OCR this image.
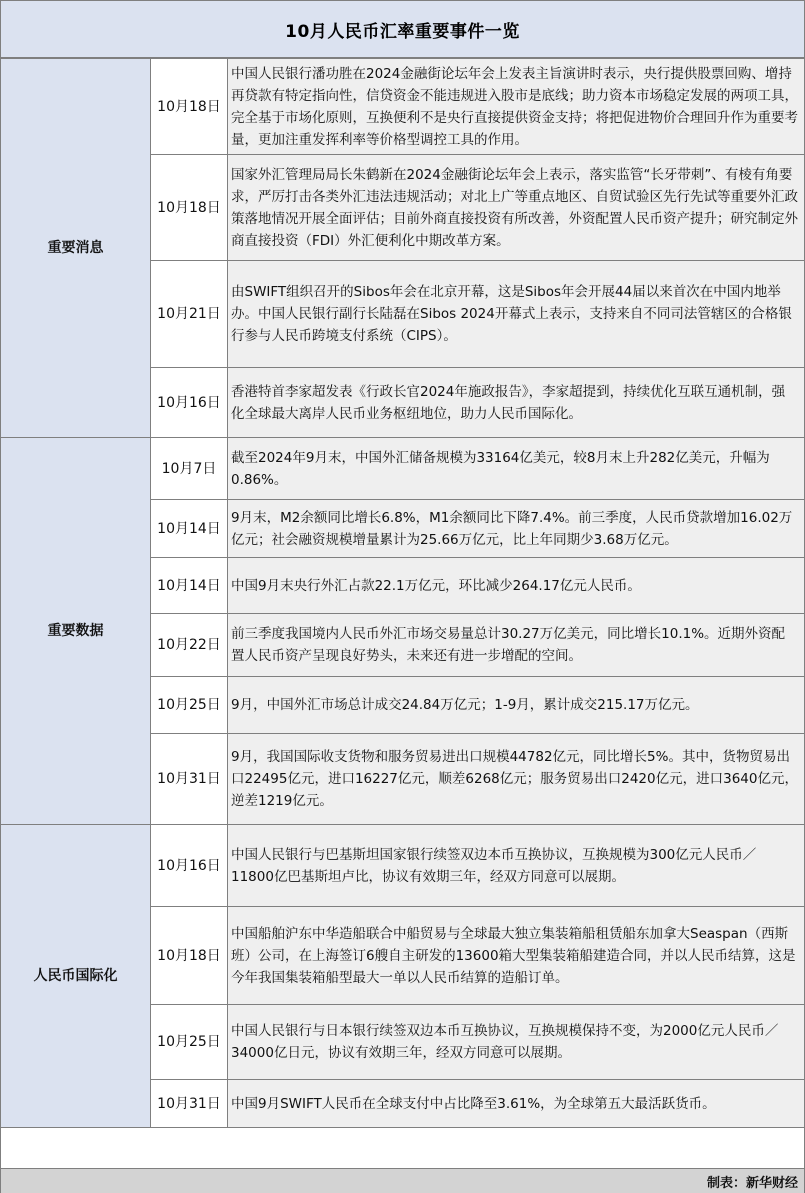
10月人民币汇率重要事件一览
重要消息	10月18日	中国人民银行潘功胜在2024金融街论坛年会上发表主旨演讲时表示，央行提供股票回购、增持再贷款有特定指向性，信贷资金不能违规进入股市是底线；助力资本市场稳定发展的两项工具，完全基于市场化原则，互换便利不是央行直接提供资金支持；将把促进物价合理回升作为重要考量，更加注重发挥利率等价格型调控工具的作用。
	10月18日	国家外汇管理局局长朱鹤新在2024金融街论坛年会上表示，落实监管“长牙带刺”、有棱有角要求，严厉打击各类外汇违法违规活动；对北上广等重点地区、自贸试验区先行先试等重要外汇政策落地情况开展全面评估；目前外商直接投资有所改善，外资配置人民币资产提升；研究制定外商直接投资（FDI）外汇便利化中期改革方案。
	10月21日	由SWIFT组织召开的Sibos年会在北京开幕，这是Sibos年会开展44届以来首次在中国内地举办。中国人民银行副行长陆磊在Sibos 2024开幕式上表示，支持来自不同司法管辖区的合格银行参与人民币跨境支付系统（CIPS）。
	10月16日	香港特首李家超发表《行政长官2024年施政报告》，李家超提到，持续优化互联互通机制，强化全球最大离岸人民币业务枢纽地位，助力人民币国际化。
重要数据	10月7日	截至2024年9月末，中国外汇储备规模为33164亿美元，较8月末上升282亿美元，升幅为0.86%。
	10月14日	9月末，M2余额同比增长6.8%，M1余额同比下降7.4%。前三季度，人民币贷款增加16.02万亿元；社会融资规模增量累计为25.66万亿元，比上年同期少3.68万亿元。
	10月14日	中国9月末央行外汇占款22.1万亿元，环比减少264.17亿元人民币。
	10月22日	前三季度我国境内人民币外汇市场交易量总计30.27万亿美元，同比增长10.1%。近期外资配置人民币资产呈现良好势头，未来还有进一步增配的空间。
	10月25日	9月，中国外汇市场总计成交24.84万亿元；1-9月，累计成交215.17万亿元。
	10月31日	9月，我国国际收支货物和服务贸易进出口规模44782亿元，同比增长5%。其中，货物贸易出口22495亿元，进口16227亿元，顺差6268亿元；服务贸易出口2420亿元，进口3640亿元，逆差1219亿元。
人民币国际化	10月16日	中国人民银行与巴基斯坦国家银行续签双边本币互换协议，互换规模为300亿元人民币／11800亿巴基斯坦卢比，协议有效期三年，经双方同意可以展期。
	10月18日	中国船舶沪东中华造船联合中船贸易与全球最大独立集装箱船租赁船东加拿大Seaspan（西斯班）公司，在上海签订6艘自主研发的13600箱大型集装箱船建造合同，并以人民币结算，这是今年我国集装箱船型最大一单以人民币结算的造船订单。
	10月25日	中国人民银行与日本银行续签双边本币互换协议，互换规模保持不变，为2000亿元人民币／34000亿日元，协议有效期三年，经双方同意可以展期。
	10月31日	中国9月SWIFT人民币在全球支付中占比降至3.61%，为全球第五大最活跃货币。
制表：新华财经
